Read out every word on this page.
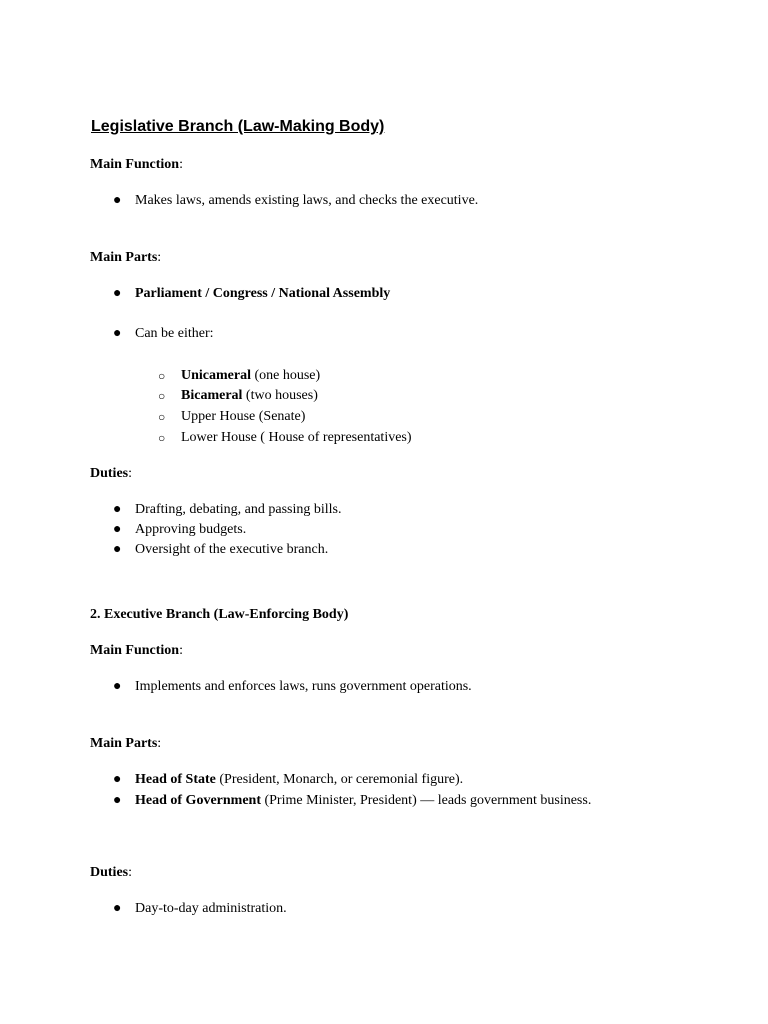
Legislative Branch (Law-Making Body)
Main Function:
● Makes laws, amends existing laws, and checks the executive.
Main Parts:
● Parliament / Congress / National Assembly
● Can be either:
○ Unicameral (one house)
○ Bicameral (two houses)
○ Upper House (Senate)
○ Lower House ( House of representatives)
Duties:
● Drafting, debating, and passing bills.
● Approving budgets.
● Oversight of the executive branch.
2. Executive Branch (Law-Enforcing Body)
Main Function:
● Implements and enforces laws, runs government operations.
Main Parts:
● Head of State (President, Monarch, or ceremonial figure).
● Head of Government (Prime Minister, President) — leads government business.
Duties:
● Day-to-day administration.
